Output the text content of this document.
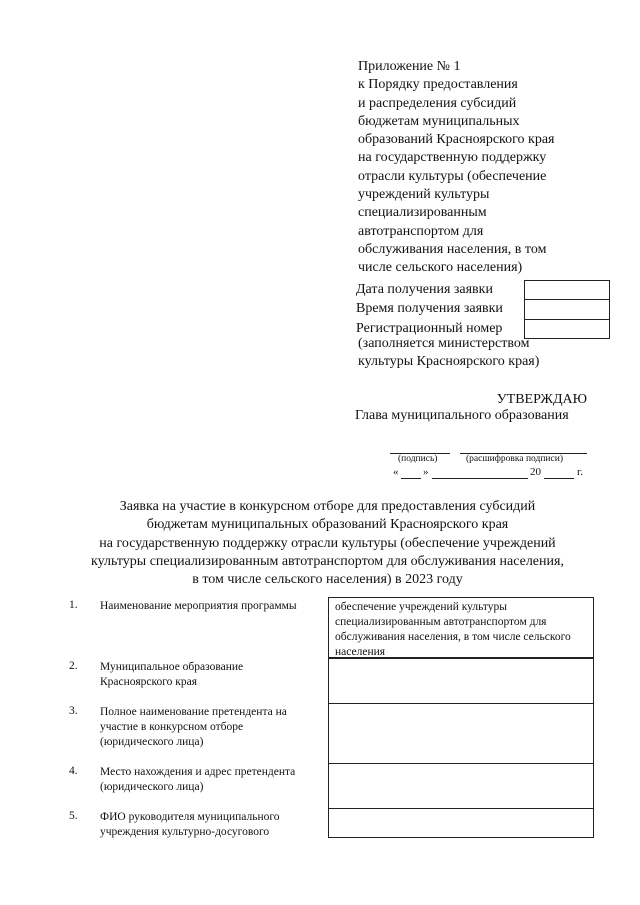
Приложение № 1
к Порядку предоставления
и распределения субсидий
бюджетам муниципальных
образований Красноярского края
на государственную поддержку
отрасли культуры (обеспечение
учреждений культуры
специализированным
автотранспортом для
обслуживания населения, в том
числе сельского населения)
Дата получения заявки	
Время получения заявки	
Регистрационный номер	
(заполняется министерством
культуры Красноярского края)
УТВЕРЖДАЮ
Глава муниципального образования
(подпись)	(расшифровка подписи)
« »	20	г.
Заявка на участие в конкурсном отборе для предоставления субсидий
бюджетам муниципальных образований Красноярского края
на государственную поддержку отрасли культуры (обеспечение учреждений
культуры специализированным автотранспортом для обслуживания населения,
в том числе сельского населения) в 2023 году
1. Наименование мероприятия программы	обеспечение учреждений культуры специализированным автотранспортом для обслуживания населения, в том числе сельского населения
2. Муниципальное образование Красноярского края
3. Полное наименование претендента на участие в конкурсном отборе (юридического лица)
4. Место нахождения и адрес претендента (юридического лица)
5. ФИО руководителя муниципального учреждения культурно-досугового
